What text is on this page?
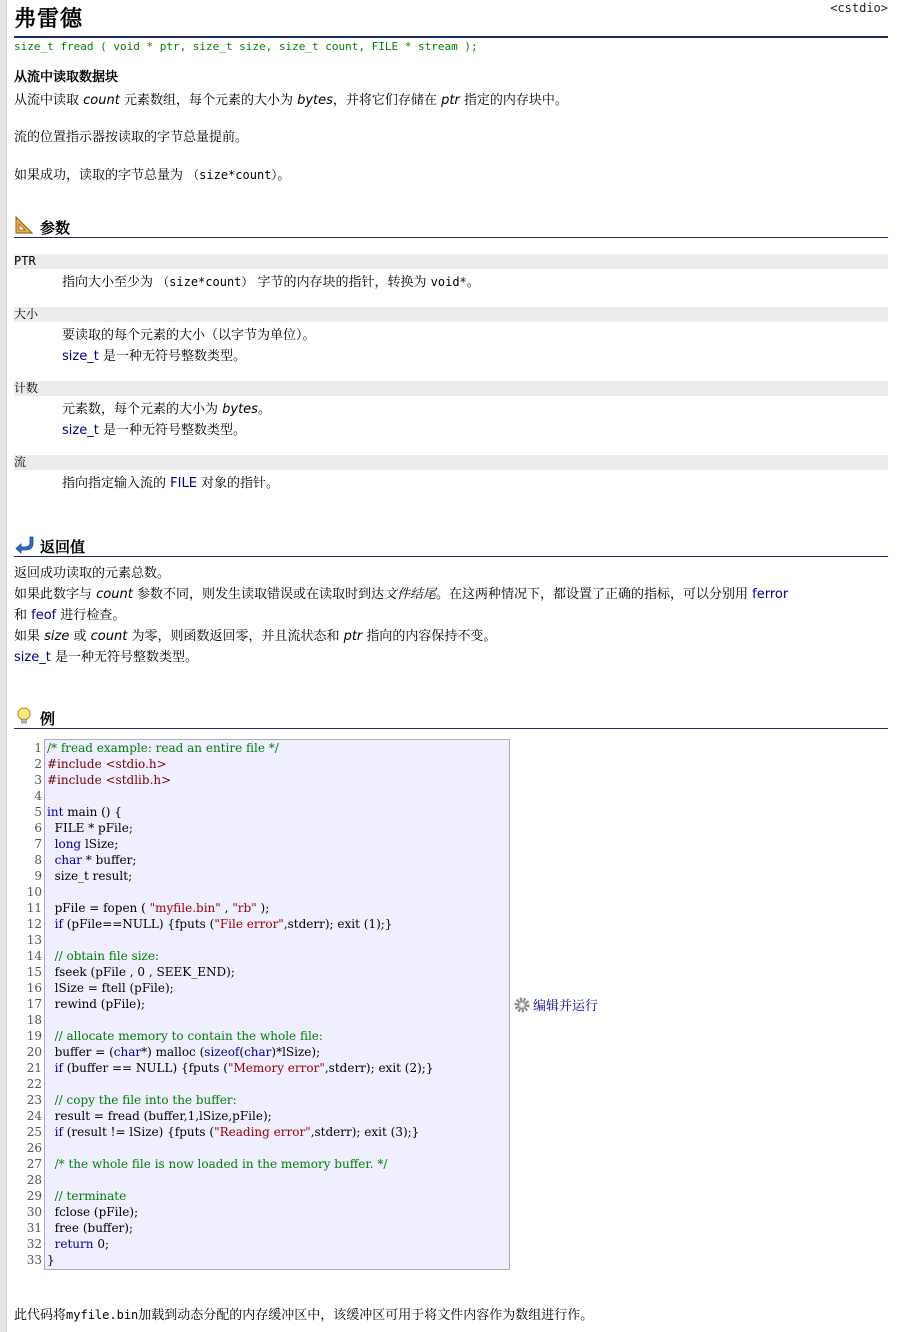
弗雷德	<cstdio>
size_t fread ( void * ptr, size_t size, size_t count, FILE * stream );
从流中读取数据块

从流中读取 count 元素数组，每个元素的大小为 bytes，并将它们存储在 ptr 指定的内存块中。

流的位置指示器按读取的字节总量提前。

如果成功，读取的字节总量为 （size*count）。

参数
PTR
指向大小至少为 （size*count） 字节的内存块的指针，转换为 void*。
大小
要读取的每个元素的大小（以字节为单位）。
size_t 是一种无符号整数类型。
计数
元素数，每个元素的大小为 bytes。
size_t 是一种无符号整数类型。
流
指向指定输入流的 FILE 对象的指针。
返回值
返回成功读取的元素总数。
如果此数字与 count 参数不同，则发生读取错误或在读取时到达文件结尾。在这两种情况下，都设置了正确的指标，可以分别用 ferror
和 feof 进行检查。
如果 size 或 count 为零，则函数返回零，并且流状态和 ptr 指向的内容保持不变。
size_t 是一种无符号整数类型。
例
1
2
3
4
5
6
7
8
9
10
11
12
13
14
15
16
17
18
19
20
21
22
23
24
25
26
27
28
29
30
31
32
33
/* fread example: read an entire file */
#include <stdio.h>
#include <stdlib.h>

int main () {
FILE * pFile;
long lSize;
char * buffer;
size_t result;

pFile = fopen ( "myfile.bin" , "rb" );
if (pFile==NULL) {fputs ("File error",stderr); exit (1);}

// obtain file size:
fseek (pFile , 0 , SEEK_END);
lSize = ftell (pFile);
rewind (pFile);

// allocate memory to contain the whole file:
buffer = (char*) malloc (sizeof(char)*lSize);
if (buffer == NULL) {fputs ("Memory error",stderr); exit (2);}

// copy the file into the buffer:
result = fread (buffer,1,lSize,pFile);
if (result != lSize) {fputs ("Reading error",stderr); exit (3);}

/* the whole file is now loaded in the memory buffer. */

// terminate
fclose (pFile);
free (buffer);
return 0;
}
编辑并运行
此代码将myfile.bin加载到动态分配的内存缓冲区中，该缓冲区可用于将文件内容作为数组进行作。
